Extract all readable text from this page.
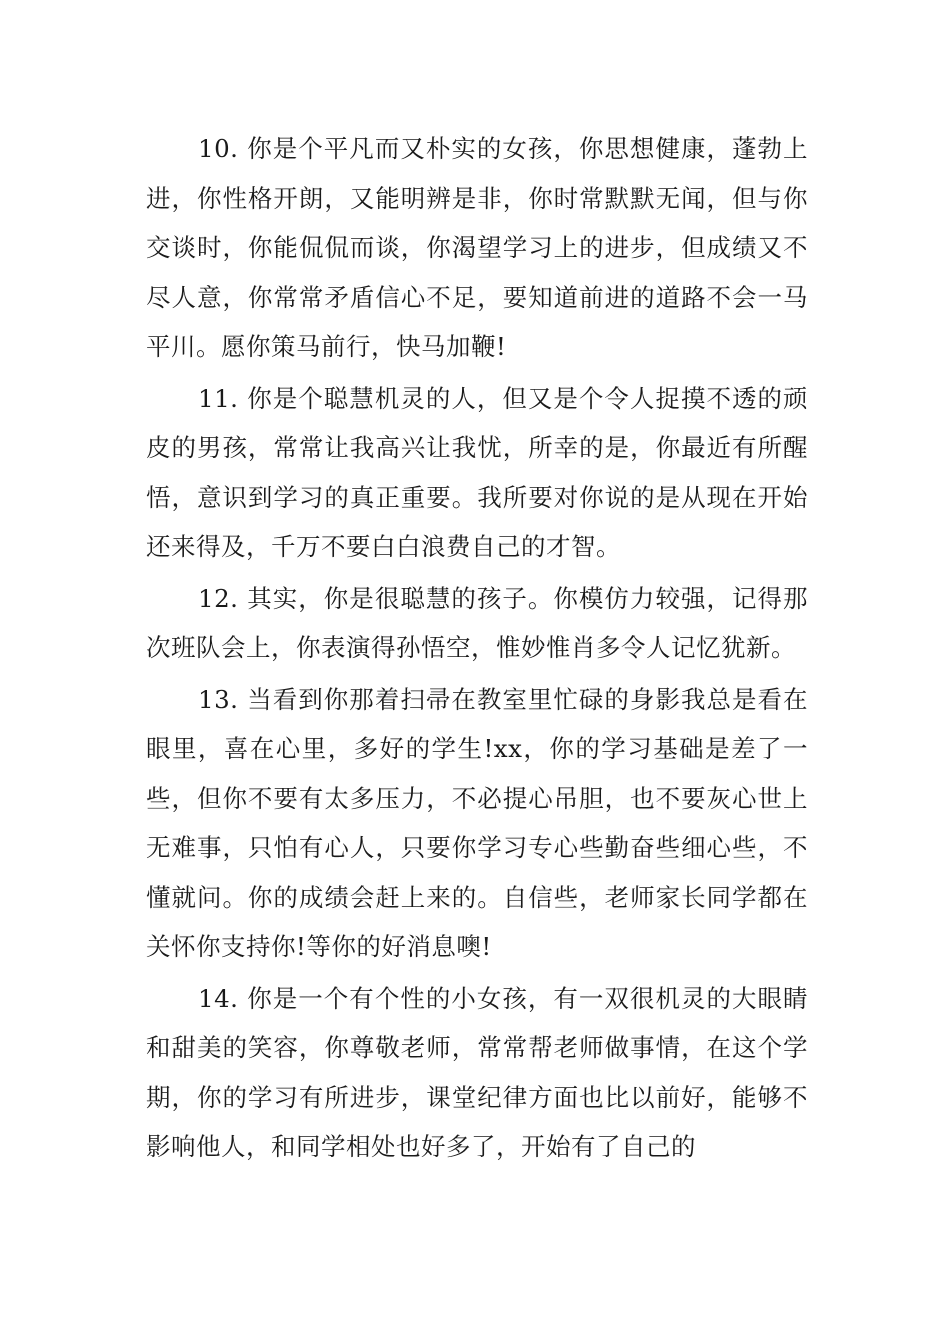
10. 你是个平凡而又朴实的女孩，你思想健康，蓬勃上进，你性格开朗，又能明辨是非，你时常默默无闻，但与你交谈时，你能侃侃而谈，你渴望学习上的进步，但成绩又不尽人意，你常常矛盾信心不足，要知道前进的道路不会一马平川。愿你策马前行，快马加鞭!

11. 你是个聪慧机灵的人，但又是个令人捉摸不透的顽皮的男孩，常常让我高兴让我忧，所幸的是，你最近有所醒悟，意识到学习的真正重要。我所要对你说的是从现在开始还来得及，千万不要白白浪费自己的才智。

12. 其实，你是很聪慧的孩子。你模仿力较强，记得那次班队会上，你表演得孙悟空，惟妙惟肖多令人记忆犹新。

13. 当看到你那着扫帚在教室里忙碌的身影我总是看在眼里，喜在心里，多好的学生!xx，你的学习基础是差了一些，但你不要有太多压力，不必提心吊胆，也不要灰心世上无难事，只怕有心人，只要你学习专心些勤奋些细心些，不懂就问。你的成绩会赶上来的。自信些，老师家长同学都在关怀你支持你!等你的好消息噢!

14. 你是一个有个性的小女孩，有一双很机灵的大眼睛和甜美的笑容，你尊敬老师，常常帮老师做事情，在这个学期，你的学习有所进步，课堂纪律方面也比以前好，能够不影响他人，和同学相处也好多了，开始有了自己的
